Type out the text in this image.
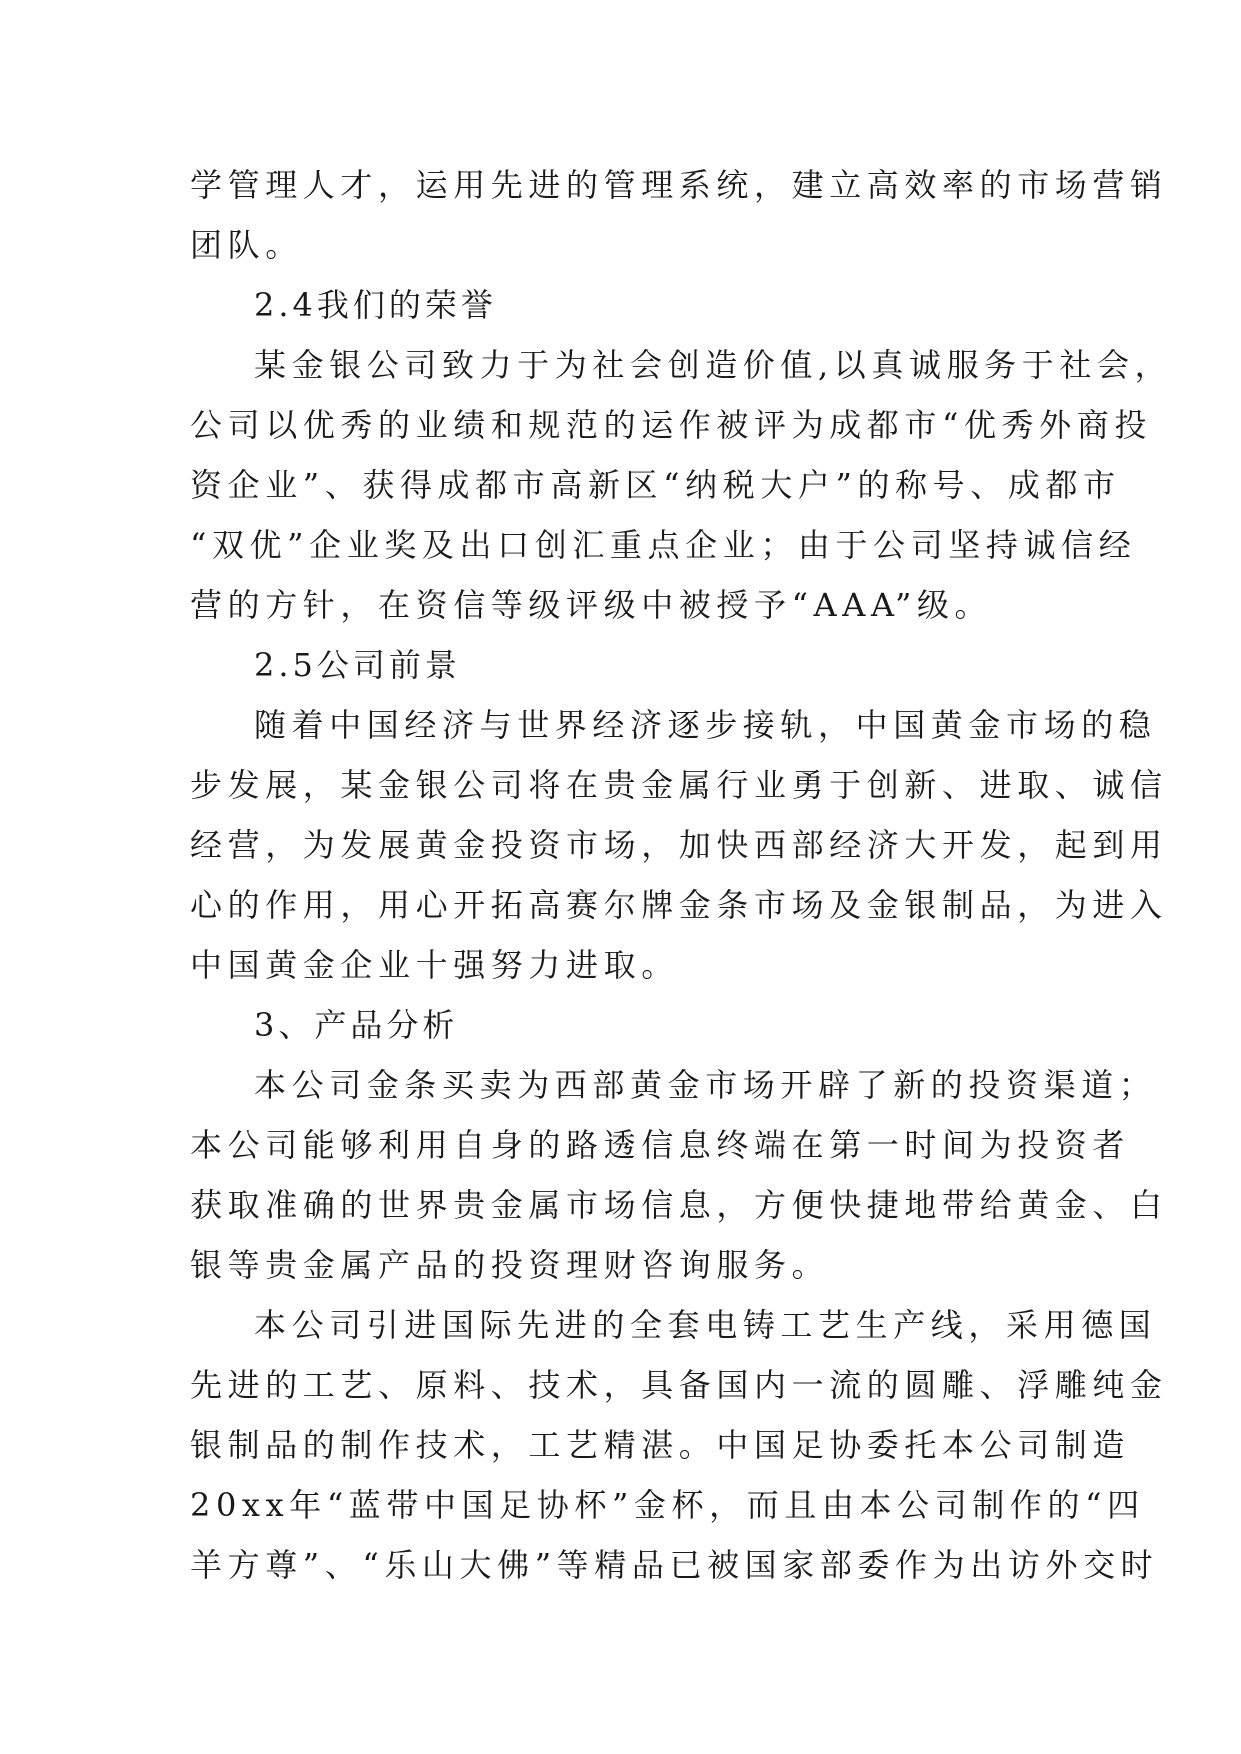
学管理人才，运用先进的管理系统，建立高效率的市场营销
团队。
2.4我们的荣誉
某金银公司致力于为社会创造价值,以真诚服务于社会，
公司以优秀的业绩和规范的运作被评为成都市“优秀外商投
资企业”、获得成都市高新区“纳税大户”的称号、成都市
“双优”企业奖及出口创汇重点企业；由于公司坚持诚信经
营的方针，在资信等级评级中被授予“AAA”级。
2.5公司前景
随着中国经济与世界经济逐步接轨，中国黄金市场的稳
步发展，某金银公司将在贵金属行业勇于创新、进取、诚信
经营，为发展黄金投资市场，加快西部经济大开发，起到用
心的作用，用心开拓高赛尔牌金条市场及金银制品，为进入
中国黄金企业十强努力进取。
3、产品分析
本公司金条买卖为西部黄金市场开辟了新的投资渠道；
本公司能够利用自身的路透信息终端在第一时间为投资者
获取准确的世界贵金属市场信息，方便快捷地带给黄金、白
银等贵金属产品的投资理财咨询服务。
本公司引进国际先进的全套电铸工艺生产线，采用德国
先进的工艺、原料、技术，具备国内一流的圆雕、浮雕纯金
银制品的制作技术，工艺精湛。中国足协委托本公司制造
20xx年“蓝带中国足协杯”金杯，而且由本公司制作的“四
羊方尊”、“乐山大佛”等精品已被国家部委作为出访外交时
